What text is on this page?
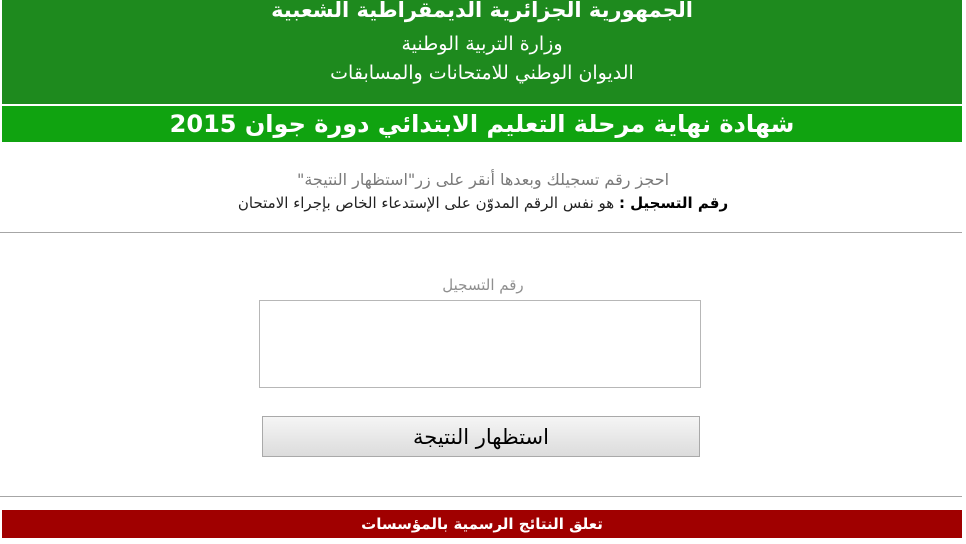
الجمهورية الجزائرية الديمقراطية الشعبية
وزارة التربية الوطنية
الديوان الوطني للامتحانات والمسابقات
شهادة نهاية مرحلة التعليم الابتدائي دورة جوان 2015
احجز رقم تسجيلك وبعدها أنقر على زر"استظهار النتيجة"
رقم التسجيل : هو نفس الرقم المدوّن على الإستدعاء الخاص بإجراء الامتحان
رقم التسجيل
استظهار النتيجة
تعلق النتائج الرسمية بالمؤسسات
